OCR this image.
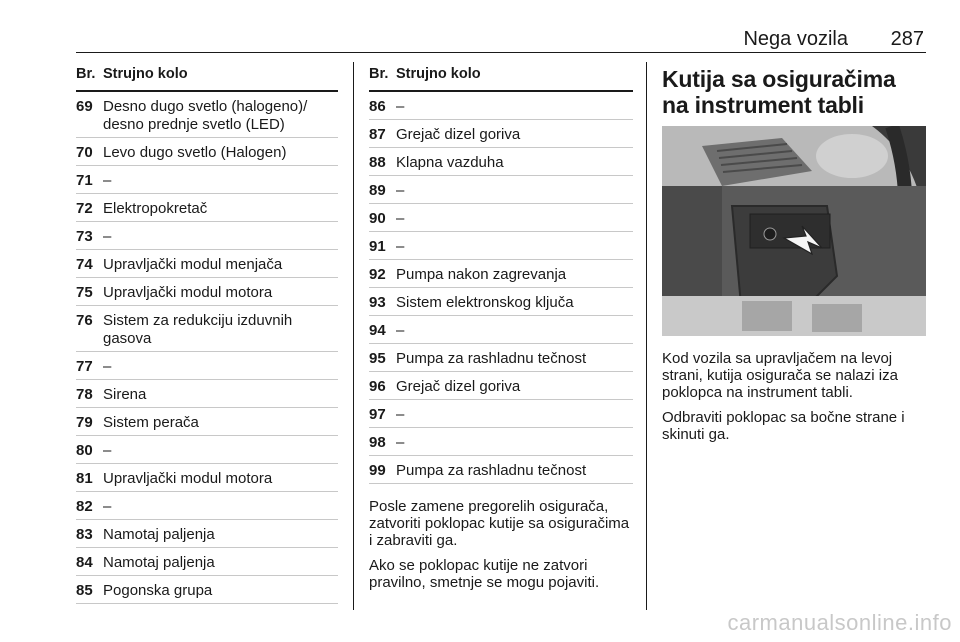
Nega vozila 287
Br. Strujno kolo
69 Desno dugo svetlo (halogeno)/ desno prednje svetlo (LED)
70 Levo dugo svetlo (Halogen)
71 –
72 Elektropokretač
73 –
74 Upravljački modul menjača
75 Upravljački modul motora
76 Sistem za redukciju izduvnih gasova
77 –
78 Sirena
79 Sistem perača
80 –
81 Upravljački modul motora
82 –
83 Namotaj paljenja
84 Namotaj paljenja
85 Pogonska grupa
Br. Strujno kolo
86 –
87 Grejač dizel goriva
88 Klapna vazduha
89 –
90 –
91 –
92 Pumpa nakon zagrevanja
93 Sistem elektronskog ključa
94 –
95 Pumpa za rashladnu tečnost
96 Grejač dizel goriva
97 –
98 –
99 Pumpa za rashladnu tečnost

Posle zamene pregorelih osigurača, zatvoriti poklopac kutije sa osiguračima i zabraviti ga.

Ako se poklopac kutije ne zatvori pravilno, smetnje se mogu pojaviti.

Kutija sa osiguračima na instrument tabli

Kod vozila sa upravljačem na levoj strani, kutija osigurača se nalazi iza poklopca na instrument tabli.

Odbraviti poklopac sa bočne strane i skinuti ga.

carmanualsonline.info
